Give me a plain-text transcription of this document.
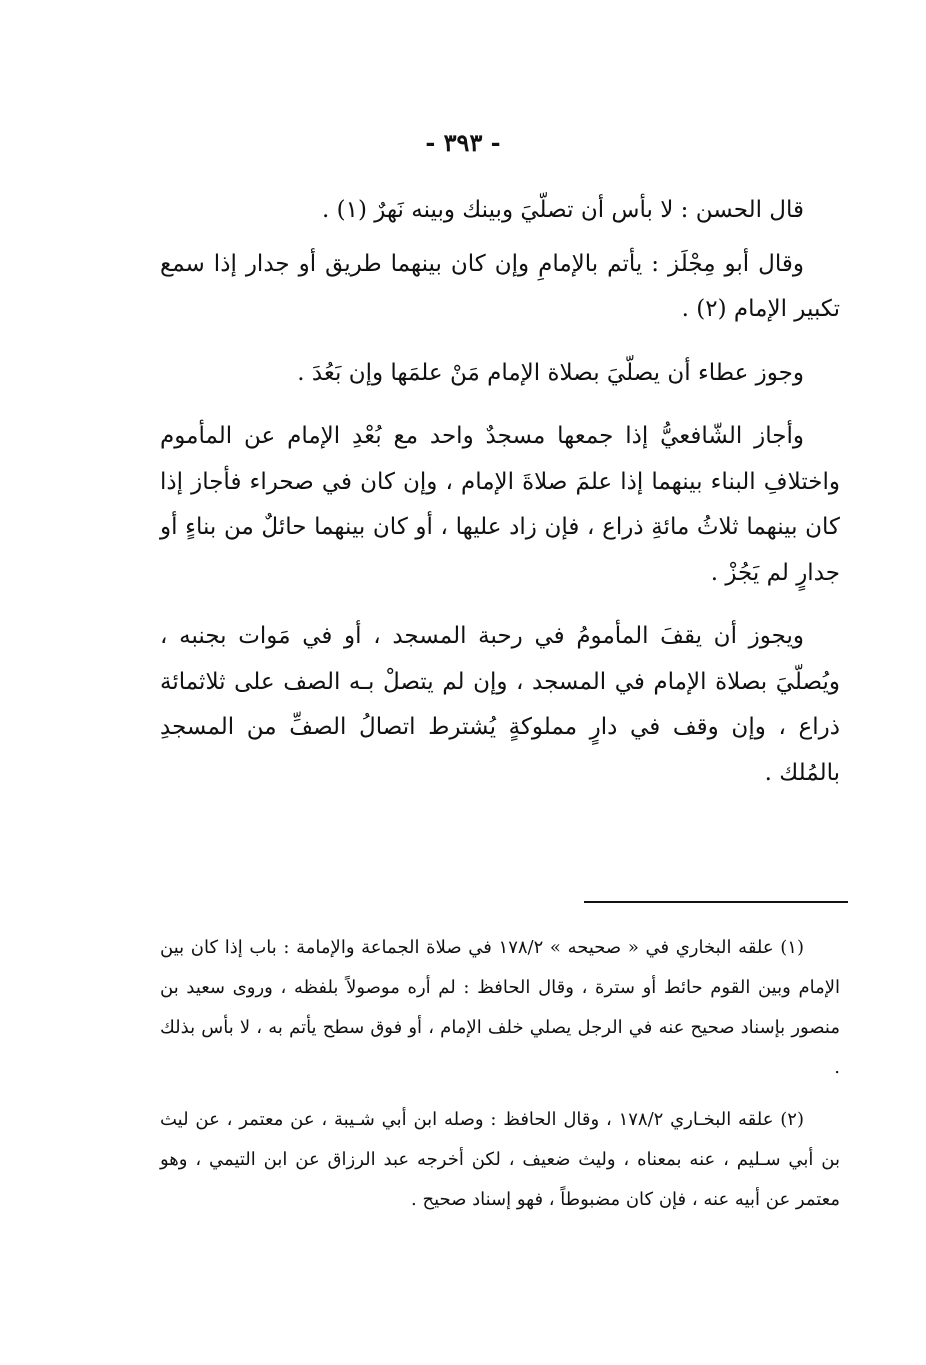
- ٣٩٣ -

قال الحسن : لا بأس أن تصلّيَ وبينك وبينه نَهرٌ (١) .

وقال أبو مِجْلَز : يأتم بالإمامِ وإن كان بينهما طريق أو جدار إذا سمع تكبير الإمام (٢) .

وجوز عطاء أن يصلّيَ بصلاة الإمام مَنْ علمَها وإن بَعُدَ .

وأجاز الشّافعيُّ إذا جمعها مسجدٌ واحد مع بُعْدِ الإمام عن المأموم واختلافِ البناء بينهما إذا علمَ صلاةَ الإمام ، وإن كان في صحراء فأجاز إذا كان بينهما ثلاثُ مائةِ ذراع ، فإن زاد عليها ، أو كان بينهما حائلٌ من بناءٍ أو جدارٍ لم يَجُزْ .

ويجوز أن يقفَ المأمومُ في رحبة المسجد ، أو في مَوات بجنبه ، ويُصلّيَ بصلاة الإمام في المسجد ، وإن لم يتصلْ بـه الصف على ثلاثمائة ذراع ، وإن وقف في دارٍ مملوكةٍ يُشترط اتصالُ الصفِّ من المسجدِ بالمُلك .

(١) علقه البخاري في « صحيحه » ١٧٨/٢ في صلاة الجماعة والإمامة : باب إذا كان بين الإمام وبين القوم حائط أو سترة ، وقال الحافظ : لم أره موصولاً بلفظه ، وروى سعيد بن منصور بإسناد صحيح عنه في الرجل يصلي خلف الإمام ، أو فوق سطح يأتم به ، لا بأس بذلك .

(٢) علقه البخـاري ١٧٨/٢ ، وقال الحافظ : وصله ابن أبي شـيبة ، عن معتمر ، عن ليث بن أبي سـليم ، عنه بمعناه ، وليث ضعيف ، لكن أخرجه عبد الرزاق عن ابن التيمي ، وهو معتمر عن أبيه عنه ، فإن كان مضبوطاً ، فهو إسناد صحيح .
